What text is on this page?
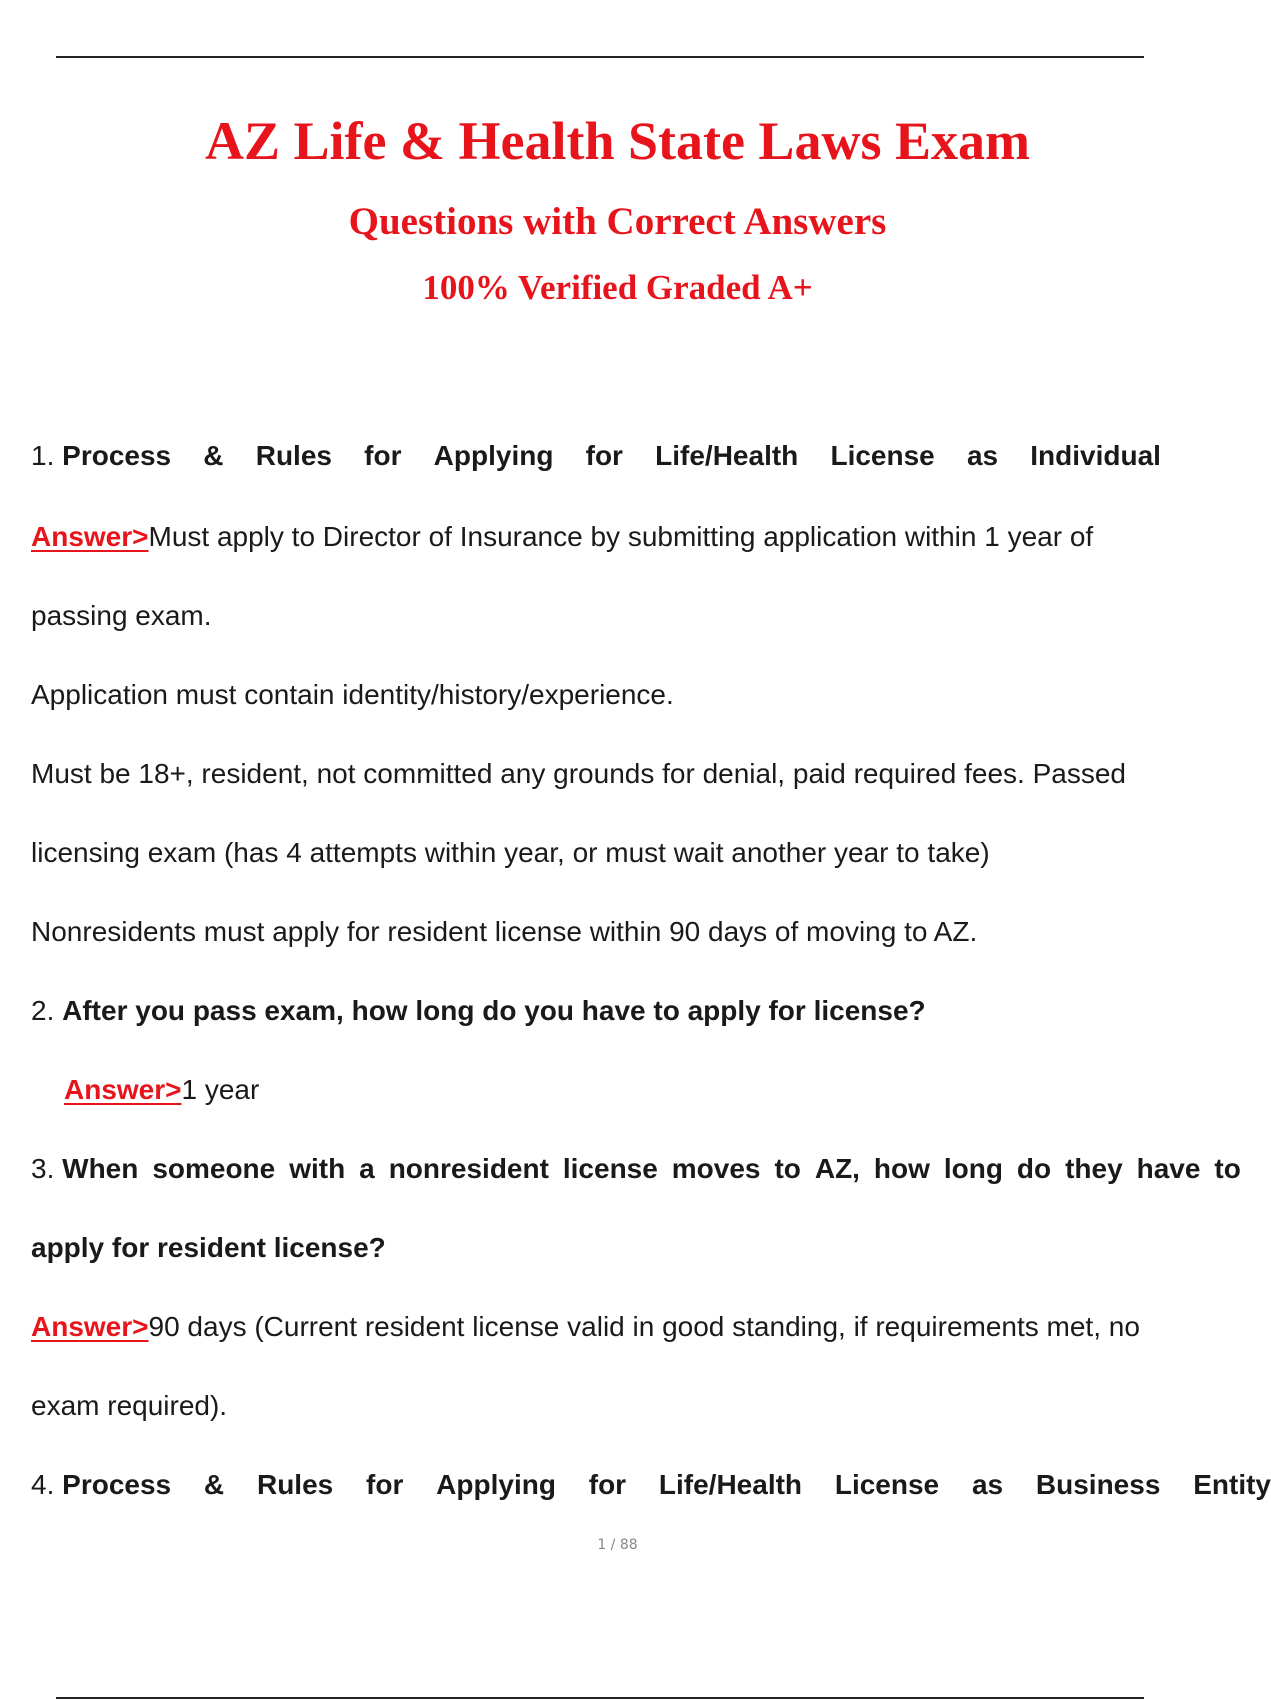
AZ Life & Health State Laws Exam
Questions with Correct Answers
100% Verified Graded A+
1. Process & Rules for Applying for Life/Health License as Individual
Answer>Must apply to Director of Insurance by submitting application within 1 year of
passing exam.
Application must contain identity/history/experience.
Must be 18+, resident, not committed any grounds for denial, paid required fees. Passed
licensing exam (has 4 attempts within year, or must wait another year to take)
Nonresidents must apply for resident license within 90 days of moving to AZ.
2. After you pass exam, how long do you have to apply for license?
Answer>1 year
3. When someone with a nonresident license moves to AZ, how long do they have to
apply for resident license?
Answer>90 days (Current resident license valid in good standing, if requirements met, no
exam required).
4. Process & Rules for Applying for Life/Health License as Business Entity
1 / 88
